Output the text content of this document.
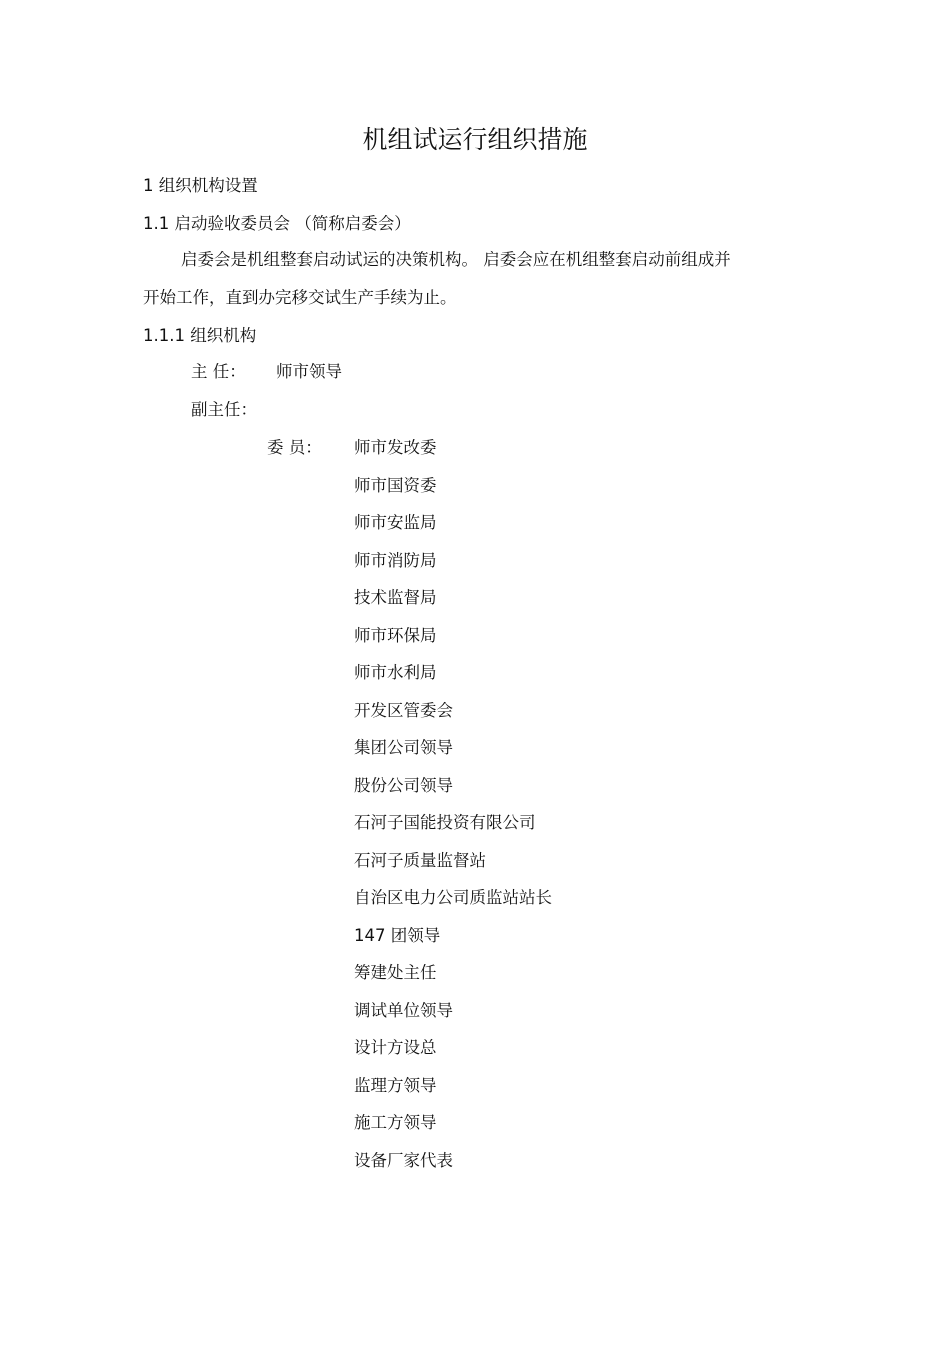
机组试运行组织措施
1 组织机构设置
1.1 启动验收委员会 （简称启委会）
启委会是机组整套启动试运的决策机构。 启委会应在机组整套启动前组成并
开始工作，直到办完移交试生产手续为止。
1.1.1 组织机构
主 任： 师市领导
副主任：
委 员： 师市发改委
师市国资委
师市安监局
师市消防局
技术监督局
师市环保局
师市水利局
开发区管委会
集团公司领导
股份公司领导
石河子国能投资有限公司
石河子质量监督站
自治区电力公司质监站站长
147 团领导
筹建处主任
调试单位领导
设计方设总
监理方领导
施工方领导
设备厂家代表
